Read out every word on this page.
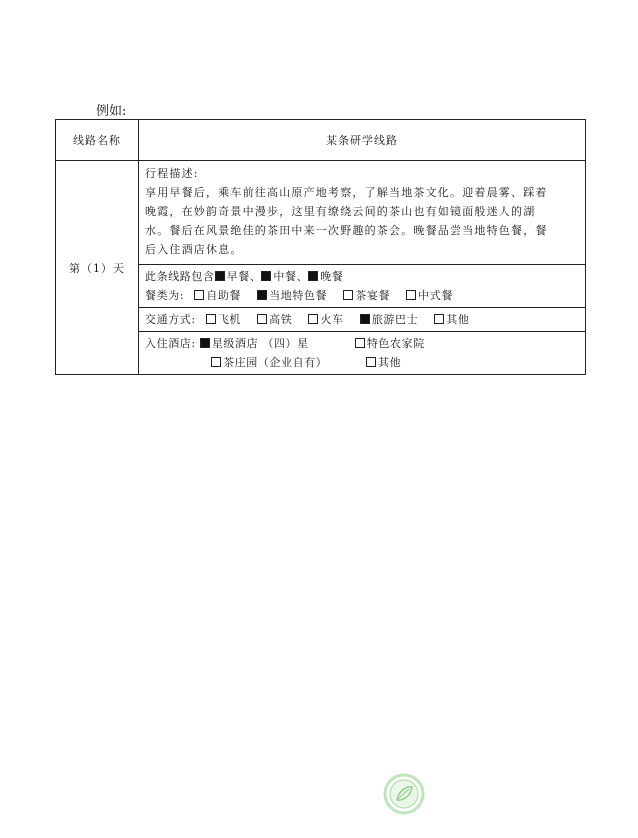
例如:
线路名称	某条研学线路
第（1）天	行程描述:
享用早餐后，乘车前往高山原产地考察，了解当地茶文化。迎着晨雾、踩着
晚霞，在妙韵奇景中漫步，这里有缭绕云间的茶山也有如镜面般迷人的湖
水。餐后在风景绝佳的茶田中来一次野趣的茶会。晚餐品尝当地特色餐，餐
后入住酒店休息。

	此条线路包含 早餐、 中餐、 晚餐
餐类为: 自助餐 当地特色餐 茶宴餐 中式餐

	交通方式: 飞机 高铁 火车 旅游巴士 其他

	入住酒店: 星级酒店 （四）星 特色农家院
茶庄园（企业自有） 其他
